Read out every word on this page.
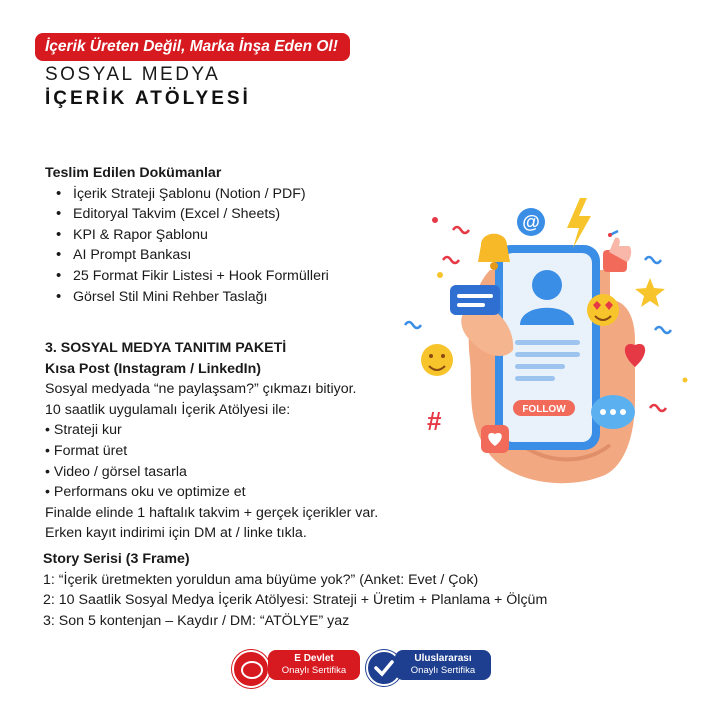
İçerik Üreten Değil, Marka İnşa Eden Ol!
SOSYAL MEDYA
İÇERİK ATÖLYESİ
Teslim Edilen Dokümanlar
• İçerik Strateji Şablonu (Notion / PDF)
• Editoryal Takvim (Excel / Sheets)
• KPI & Rapor Şablonu
• AI Prompt Bankası
• 25 Format Fikir Listesi + Hook Formülleri
• Görsel Stil Mini Rehber Taslağı
3. SOSYAL MEDYA TANITIM PAKETİ
Kısa Post (Instagram / LinkedIn)
Sosyal medyada “ne paylaşsam?” çıkmazı bitiyor.
10 saatlik uygulamalı İçerik Atölyesi ile:
• Strateji kur
• Format üret
• Video / görsel tasarla
• Performans oku ve optimize et
Finalde elinde 1 haftalık takvim + gerçek içerikler var.
Erken kayıt indirimi için DM at / linke tıkla.
Story Serisi (3 Frame)
1: “İçerik üretmekten yoruldun ama büyüme yok?” (Anket: Evet / Çok)
2: 10 Saatlik Sosyal Medya İçerik Atölyesi: Strateji + Üretim + Planlama + Ölçüm
3: Son 5 kontenjan – Kaydır / DM: “ATÖLYE” yaz
FOLLOW
@
#
E Devlet
Onaylı Sertifika
Uluslararası
Onaylı Sertifika
